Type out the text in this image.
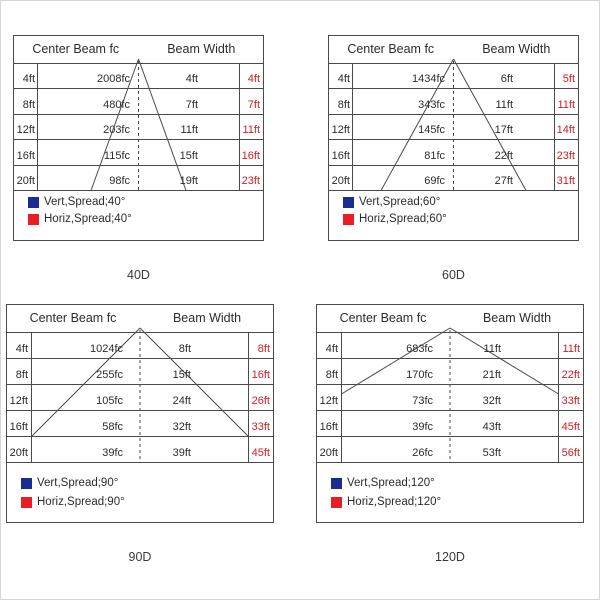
Center Beam fc	Beam Width
4ft	2008fc	4ft	4ft
8ft	480fc	7ft	7ft
12ft	203fc	11ft	11ft
16ft	115fc	15ft	16ft
20ft	98fc	19ft	23ft
Vert,Spread;40°
Horiz,Spread;40°
40D
Center Beam fc	Beam Width
4ft	1434fc	6ft	5ft
8ft	343fc	11ft	11ft
12ft	145fc	17ft	14ft
16ft	81fc	22ft	23ft
20ft	69fc	27ft	31ft
Vert,Spread;60°
Horiz,Spread;60°
60D
Center Beam fc	Beam Width
4ft	1024fc	8ft	8ft
8ft	255fc	15ft	16ft
12ft	105fc	24ft	26ft
16ft	58fc	32ft	33ft
20ft	39fc	39ft	45ft
Vert,Spread;90°
Horiz,Spread;90°
90D
Center Beam fc	Beam Width
4ft	683fc	11ft	11ft
8ft	170fc	21ft	22ft
12ft	73fc	32ft	33ft
16ft	39fc	43ft	45ft
20ft	26fc	53ft	56ft
Vert,Spread;120°
Horiz,Spread;120°
120D
